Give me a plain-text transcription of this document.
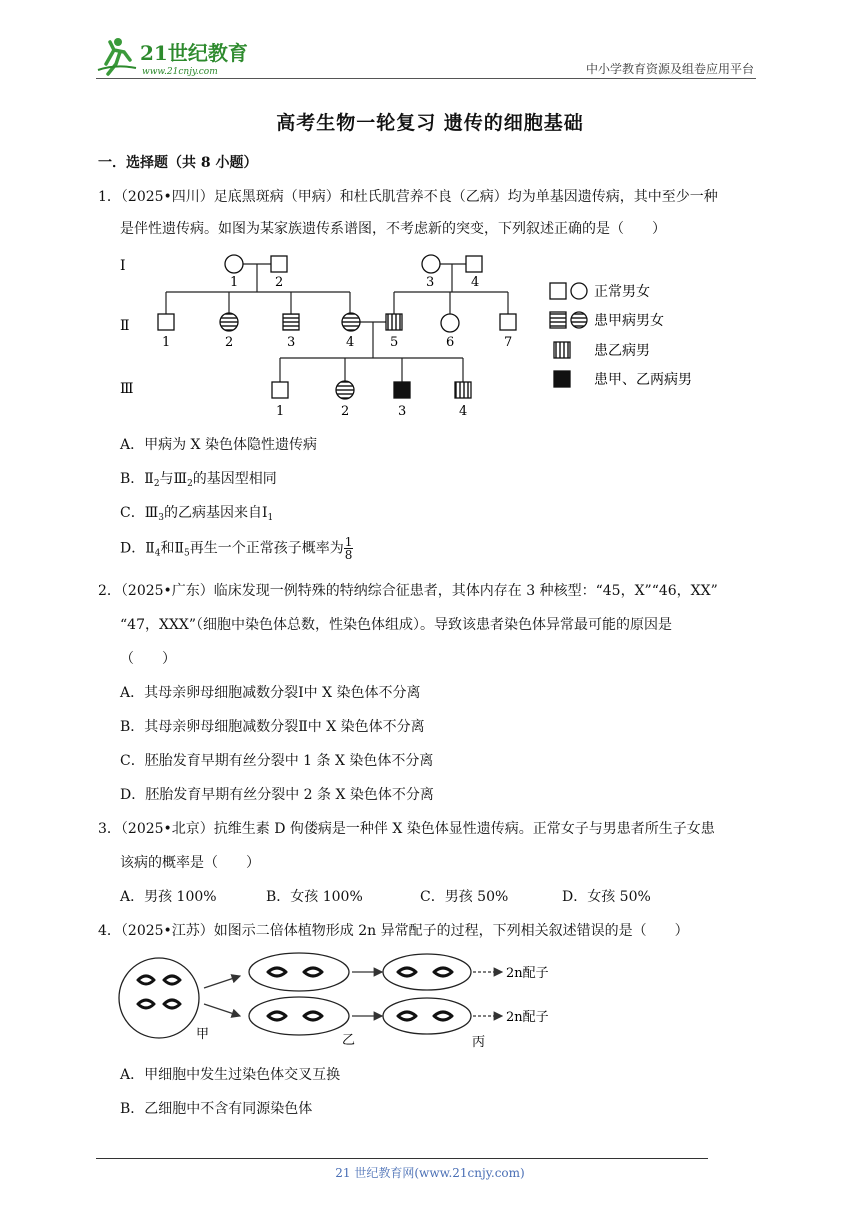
21世纪教育
www.21cnjy.com	中小学教育资源及组卷应用平台
高考生物一轮复习 遗传的细胞基础
一．选择题（共 8 小题）
1．（2025•四川）足底黑斑病（甲病）和杜氏肌营养不良（乙病）均为单基因遗传病，其中至少一种
是伴性遗传病。如图为某家族遗传系谱图，不考虑新的突变，下列叙述正确的是（　　）
Ⅰ
Ⅱ
Ⅲ
1	2	3	4
1	2	3	4	5	6	7
1	2	3	4
正常男女
患甲病男女
患乙病男
患甲、乙两病男
A．甲病为 X 染色体隐性遗传病
B．$Ⅱ_2$与$Ⅲ_2$的基因型相同
C．$Ⅲ_3$的乙病基因来自$Ⅰ_1$
D．$Ⅱ_4$和$Ⅱ_5$再生一个正常孩子概率为 $\frac{1}{8}$
2．（2025•广东）临床发现一例特殊的特纳综合征患者，其体内存在 3 种核型：“45，X”“46，XX”
“47，XXX”（细胞中染色体总数，性染色体组成）。导致该患者染色体异常最可能的原因是
（　　）
A．其母亲卵母细胞减数分裂Ⅰ中 X 染色体不分离
B．其母亲卵母细胞减数分裂Ⅱ中 X 染色体不分离
C．胚胎发育早期有丝分裂中 1 条 X 染色体不分离
D．胚胎发育早期有丝分裂中 2 条 X 染色体不分离
3．（2025•北京）抗维生素 D 佝偻病是一种伴 X 染色体显性遗传病。正常女子与男患者所生子女患
该病的概率是（　　）
A．男孩 100%	B．女孩 100%	C．男孩 50%	D．女孩 50%
4．（2025•江苏）如图示二倍体植物形成 2n 异常配子的过程，下列相关叙述错误的是（　　）
甲	乙	丙
2n配子
2n配子
A．甲细胞中发生过染色体交叉互换
B．乙细胞中不含有同源染色体
21 世纪教育网(www.21cnjy.com)
